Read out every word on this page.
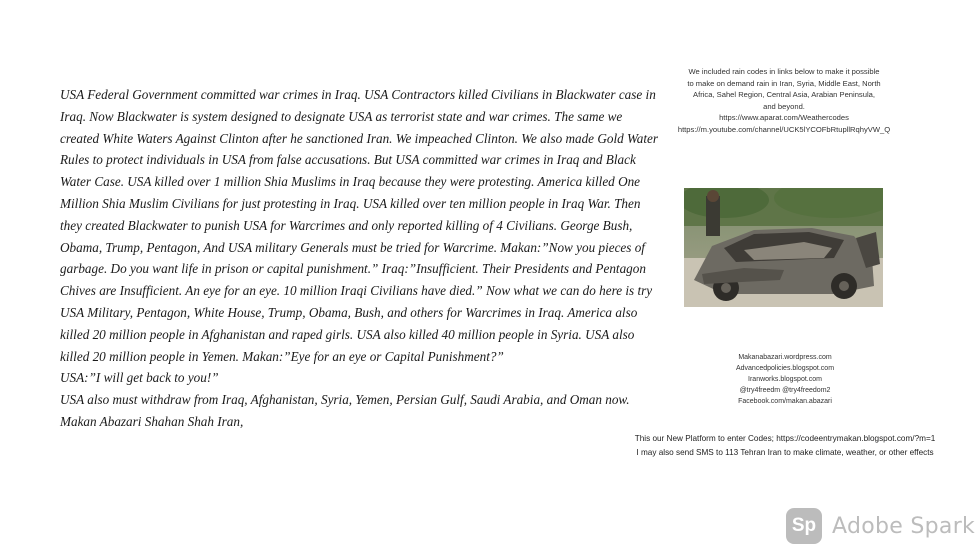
USA Federal Government committed war crimes in Iraq. USA Contractors killed Civilians in Blackwater case in Iraq. Now Blackwater is system designed to designate USA as terrorist state and war crimes. The same we created White Waters Against Clinton after he sanctioned Iran. We impeached Clinton. We also made Gold Water Rules to protect individuals in USA from false accusations. But USA committed war crimes in Iraq and Black Water Case. USA killed over 1 million Shia Muslims in Iraq because they were protesting. America killed One Million Shia Muslim Civilians for just protesting in Iraq. USA killed over ten million people in Iraq War. Then they created Blackwater to punish USA for Warcrimes and only reported killing of 4 Civilians. George Bush, Obama, Trump, Pentagon, And USA military Generals must be tried for Warcrime. Makan:”Now you pieces of garbage. Do you want life in prison or capital punishment.” Iraq:”Insufficient. Their Presidents and Pentagon Chives are Insufficient. An eye for an eye. 10 million Iraqi Civilians have died.” Now what we can do here is try USA Military, Pentagon, White House, Trump, Obama, Bush, and others for Warcrimes in Iraq. America also killed 20 million people in Afghanistan and raped girls. USA also killed 40 million people in Syria. USA also killed 20 million people in Yemen. Makan:”Eye for an eye or Capital Punishment?”

USA:”I will get back to you!”

USA also must withdraw from Iraq, Afghanistan, Syria, Yemen, Persian Gulf, Saudi Arabia, and Oman now.

Makan Abazari Shahan Shah Iran,

We included rain codes in links below to make it possible
to make on demand rain in Iran, Syria, Middle East, North
Africa, Sahel Region, Central Asia, Arabian Peninsula,
and beyond.
https://www.aparat.com/Weathercodes
https://m.youtube.com/channel/UCK5lYCOFbRtupllRqhyVW_Q
Makanabazari.wordpress.com
Advancedpolicies.blogspot.com
Iranworks.blogspot.com
@try4freedm @try4freedom2
Facebook.com/makan.abazari
This our New Platform to enter Codes; https://codeentrymakan.blogspot.com/?m=1
I may also send SMS to 113 Tehran Iran to make climate, weather, or other effects
Sp Adobe Spark
